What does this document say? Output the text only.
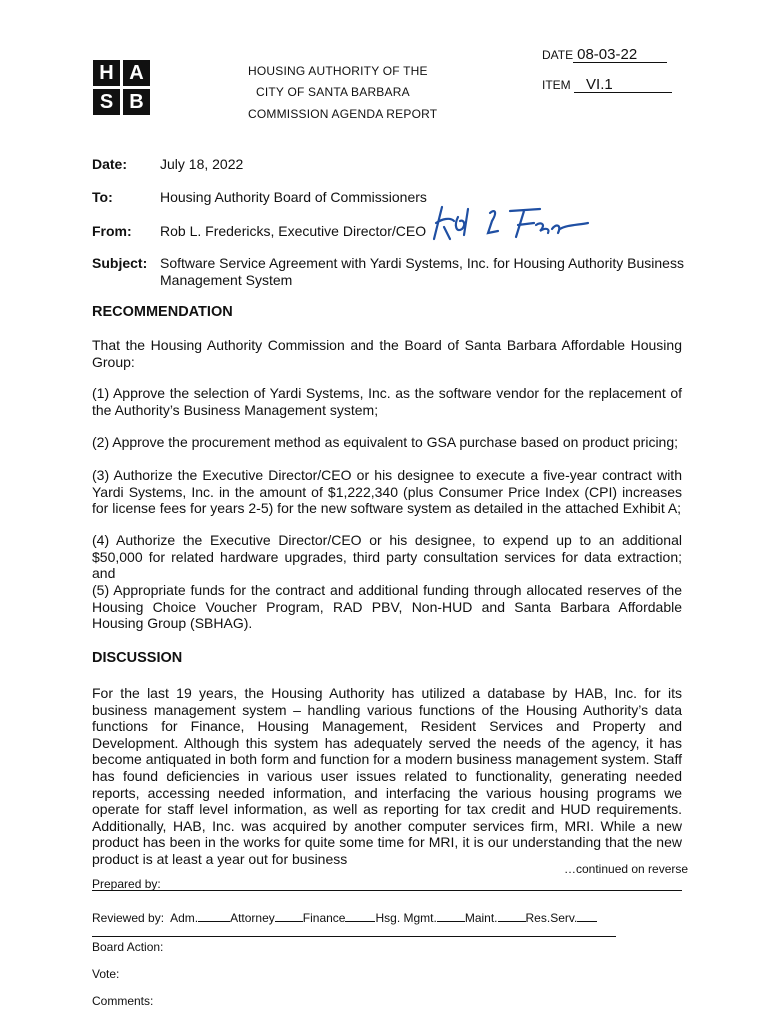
H A
S B
HOUSING AUTHORITY OF THE
CITY OF SANTA BARBARA
COMMISSION AGENDA REPORT
DATE 08-03-22
ITEM VI.1
Date: July 18, 2022
To:	Housing Authority Board of Commissioners
From: Rob L. Fredericks, Executive Director/CEO
Subject: Software Service Agreement with Yardi Systems, Inc. for Housing Authority Business
Management System
RECOMMENDATION

That the Housing Authority Commission and the Board of Santa Barbara Affordable Housing Group:

(1) Approve the selection of Yardi Systems, Inc. as the software vendor for the replacement of the Authority’s Business Management system;

(2) Approve the procurement method as equivalent to GSA purchase based on product pricing;

(3) Authorize the Executive Director/CEO or his designee to execute a five-year contract with Yardi Systems, Inc. in the amount of $1,222,340 (plus Consumer Price Index (CPI) increases for license fees for years 2-5) for the new software system as detailed in the attached Exhibit A;

(4) Authorize the Executive Director/CEO or his designee, to expend up to an additional $50,000 for related hardware upgrades, third party consultation services for data extraction; and

(5) Appropriate funds for the contract and additional funding through allocated reserves of the Housing Choice Voucher Program, RAD PBV, Non-HUD and Santa Barbara Affordable Housing Group (SBHAG).

DISCUSSION

For the last 19 years, the Housing Authority has utilized a database by HAB, Inc. for its business management system – handling various functions of the Housing Authority’s data functions for Finance, Housing Management, Resident Services and Property and Development. Although this system has adequately served the needs of the agency, it has become antiquated in both form and function for a modern business management system. Staff has found deficiencies in various user issues related to functionality, generating needed reports, accessing needed information, and interfacing the various housing programs we operate for staff level information, as well as reporting for tax credit and HUD requirements. Additionally, HAB, Inc. was acquired by another computer services firm, MRI. While a new product has been in the works for quite some time for MRI, it is our understanding that the new product is at least a year out for business

…continued on reverse
Prepared by:
Reviewed by: Adm.	Attorney Finance	Hsg. Mgmt. Maint. Res.Serv.
Board Action:
Vote:
Comments:
